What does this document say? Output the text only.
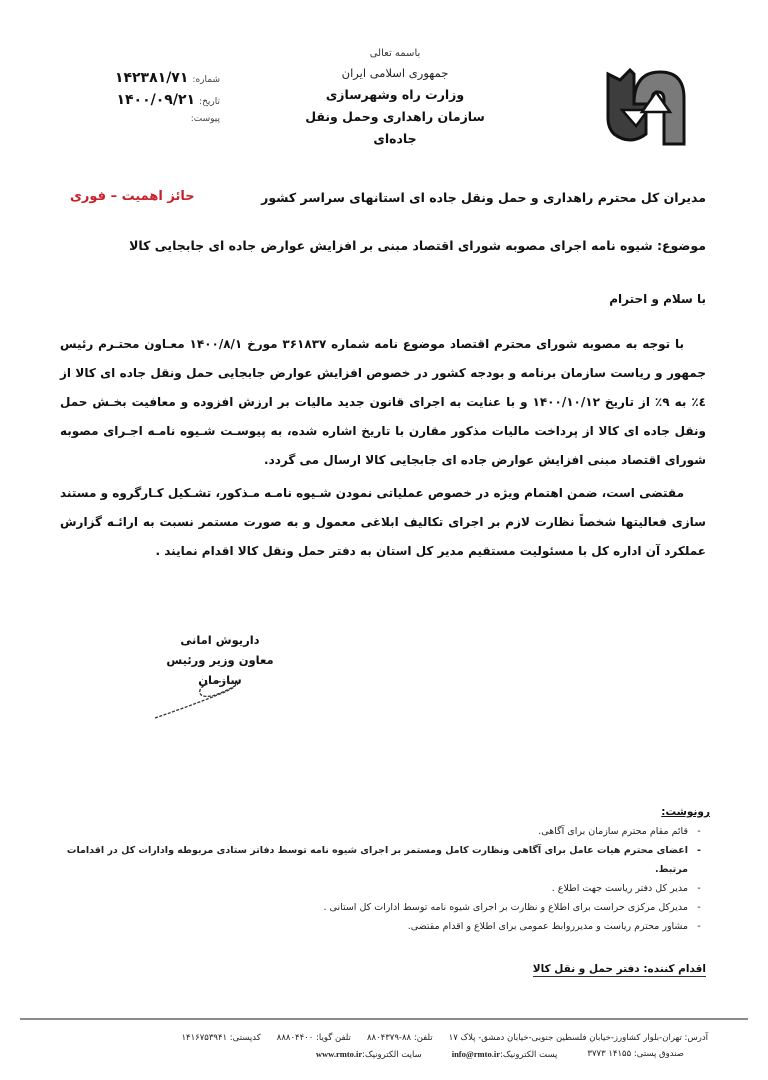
باسمه تعالی
جمهوری اسلامی ایران
وزارت راه وشهرسازی
سازمان راهداری وحمل ونقل جاده‌ای
شماره:
۱۴۲۳۸۱/۷۱
تاریخ:
۱۴۰۰/۰۹/۲۱
پیوست:
مدیران کل محترم راهداری و حمل ونقل جاده ای استانهای سراسر کشور
حائز اهمیت – فوری
موضوع: شیوه نامه اجرای مصوبه شورای اقتصاد مبنی بر افزایش عوارض جاده ای جابجایی کالا
با سلام و احترام

با توجه به مصوبه شورای محترم اقتصاد موضوع نامه شماره ۳۶۱۸۳۷ مورخ ۱۴۰۰/۸/۱ معـاون محتـرم رئیس جمهور و ریاست سازمان برنامه و بودجه کشور در خصوص افزایش عوارض جابجایی حمل ونقل جاده ای کالا از ٤٪ به ۹٪ از تاریخ ۱۴۰۰/۱۰/۱۲ و با عنایت به اجرای قانون جدید مالیات بر ارزش افزوده و معافیت بخـش حمل ونقل جاده ای کالا از پرداخت مالیات مذکور مقارن با تاریخ اشاره شده، به پیوسـت شـیوه نامـه اجـرای مصوبه شورای اقتصاد مبنی افزایش عوارض جاده ای جابجایی کالا ارسال می گردد.

مقتضی است، ضمن اهتمام ویژه در خصوص عملیاتی نمودن شـیوه نامـه مـذکور، تشـکیل کـارگروه و مستند سازی فعالیتها شخصاً نظارت لازم بر اجرای تکالیف ابلاغی معمول و به صورت مستمر نسبت به ارائـه گزارش عملکرد آن اداره کل با مسئولیت مستقیم مدیر کل استان به دفتر حمل ونقل کالا اقدام نمایند .

داریوش امانی
معاون وزیر ورئیس سازمان
رونوشت:
-
قائم مقام محترم سازمان برای آگاهی.
-
اعضای محترم هیات عامل برای آگاهی ونظارت کامل ومستمر بر اجرای شیوه نامه توسط دفاتر ستادی مربوطه وادارات کل در اقدامات مرتبط.
-
مدیر کل دفتر ریاست جهت اطلاع .
-
مدیرکل مرکزی حراست برای اطلاع و نظارت بر اجرای شیوه نامه توسط ادارات کل استانی .
-
مشاور محترم ریاست و مدیرروابط عمومی برای اطلاع و اقدام مقتضی.
اقدام کننده: دفتر حمل و نقل کالا
آدرس: تهران-بلوار کشاورز-خیابان فلسطین جنوبی-خیابان دمشق- پلاک ۱۷
تلفن: ۸۸-۸۸۰۴۳۷۹
تلفن گویا: ۸۸۸۰۴۴۰۰
کدپستی: ۱۴۱۶۷۵۳۹۴۱
صندوق پستی: ۱۴۱۵۵ ۳۷۷۳
پست الکترونیک:info@rmto.ir
سایت الکترونیک:www.rmto.ir
